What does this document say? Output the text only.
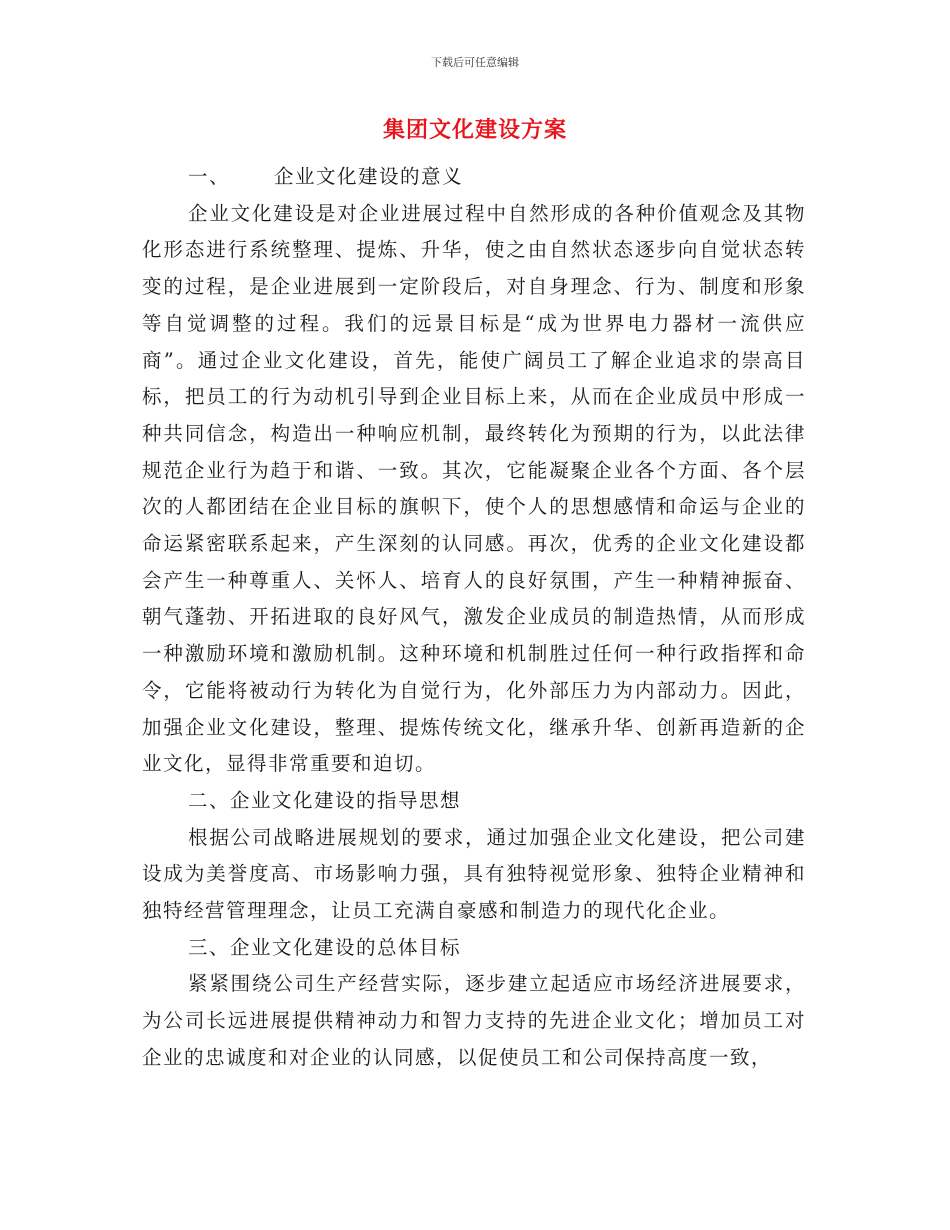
下载后可任意编辑
集团文化建设方案

一、 企业文化建设的意义

企业文化建设是对企业进展过程中自然形成的各种价值观念及其物化形态进行系统整理、提炼、升华，使之由自然状态逐步向自觉状态转变的过程，是企业进展到一定阶段后，对自身理念、行为、制度和形象等自觉调整的过程。我们的远景目标是“成为世界电力器材一流供应商”。通过企业文化建设，首先，能使广阔员工了解企业追求的崇高目标，把员工的行为动机引导到企业目标上来，从而在企业成员中形成一种共同信念，构造出一种响应机制，最终转化为预期的行为，以此法律规范企业行为趋于和谐、一致。其次，它能凝聚企业各个方面、各个层次的人都团结在企业目标的旗帜下，使个人的思想感情和命运与企业的命运紧密联系起来，产生深刻的认同感。再次，优秀的企业文化建设都会产生一种尊重人、关怀人、培育人的良好氛围，产生一种精神振奋、朝气蓬勃、开拓进取的良好风气，激发企业成员的制造热情，从而形成一种激励环境和激励机制。这种环境和机制胜过任何一种行政指挥和命令，它能将被动行为转化为自觉行为，化外部压力为内部动力。因此，加强企业文化建设，整理、提炼传统文化，继承升华、创新再造新的企业文化，显得非常重要和迫切。

二、企业文化建设的指导思想

根据公司战略进展规划的要求，通过加强企业文化建设，把公司建设成为美誉度高、市场影响力强，具有独特视觉形象、独特企业精神和独特经营管理理念，让员工充满自豪感和制造力的现代化企业。

三、企业文化建设的总体目标

紧紧围绕公司生产经营实际，逐步建立起适应市场经济进展要求，为公司长远进展提供精神动力和智力支持的先进企业文化；增加员工对企业的忠诚度和对企业的认同感，以促使员工和公司保持高度一致，
